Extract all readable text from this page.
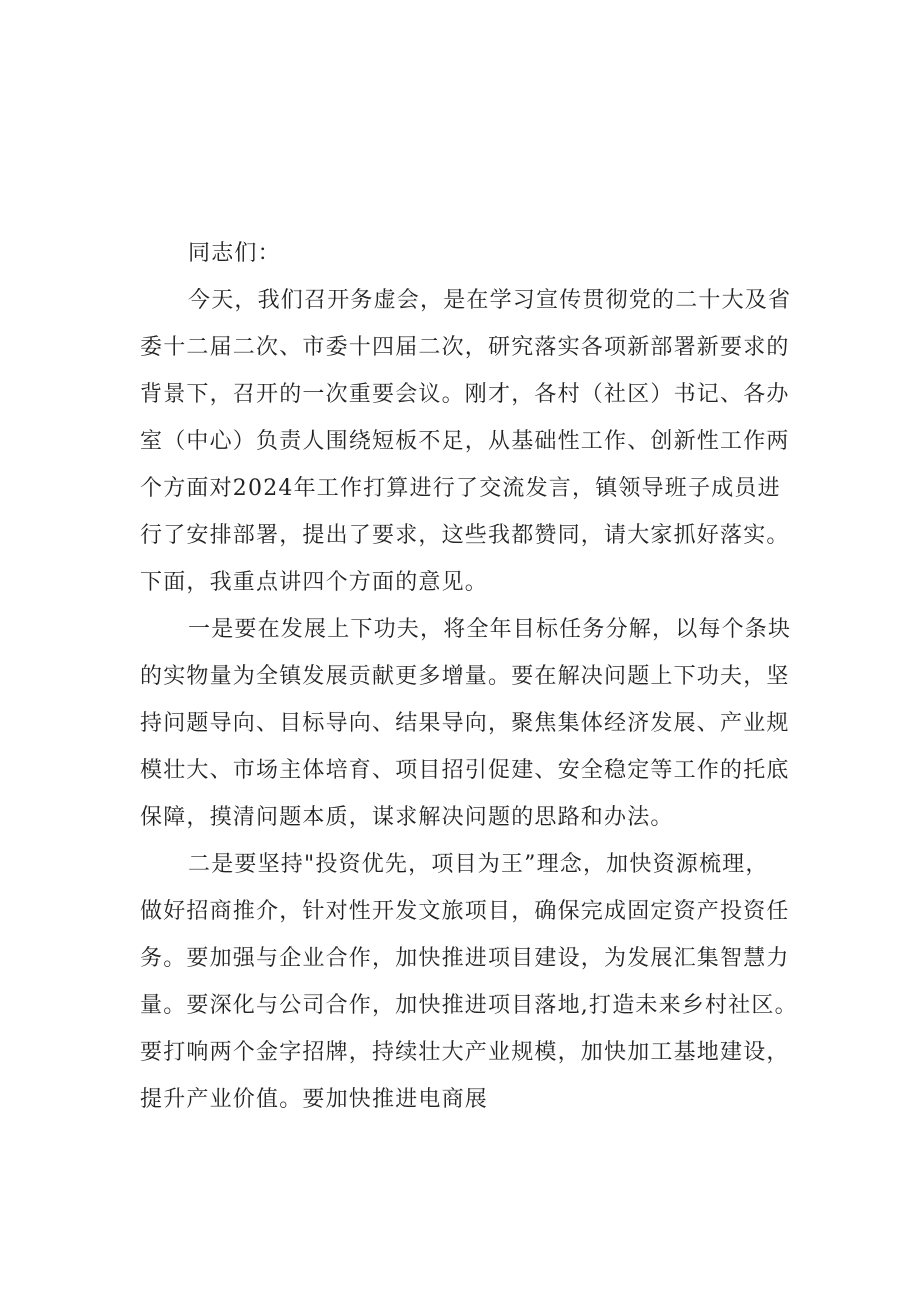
同志们：
今天，我们召开务虚会，是在学习宣传贯彻党的二十大及省
委十二届二次、市委十四届二次，研究落实各项新部署新要求的
背景下，召开的一次重要会议。刚才，各村（社区）书记、各办
室（中心）负责人围绕短板不足，从基础性工作、创新性工作两
个方面对2024年工作打算进行了交流发言，镇领导班子成员进
行了安排部署，提出了要求，这些我都赞同，请大家抓好落实。
下面，我重点讲四个方面的意见。
一是要在发展上下功夫，将全年目标任务分解，以每个条块
的实物量为全镇发展贡献更多增量。要在解决问题上下功夫，坚
持问题导向、目标导向、结果导向，聚焦集体经济发展、产业规
模壮大、市场主体培育、项目招引促建、安全稳定等工作的托底
保障，摸清问题本质，谋求解决问题的思路和办法。
二是要坚持"投资优先，项目为王”理念，加快资源梳理，
做好招商推介，针对性开发文旅项目，确保完成固定资产投资任
务。要加强与企业合作，加快推进项目建设，为发展汇集智慧力
量。要深化与公司合作，加快推进项目落地,打造未来乡村社区。
要打响两个金字招牌，持续壮大产业规模，加快加工基地建设，
提升产业价值。要加快推进电商展
